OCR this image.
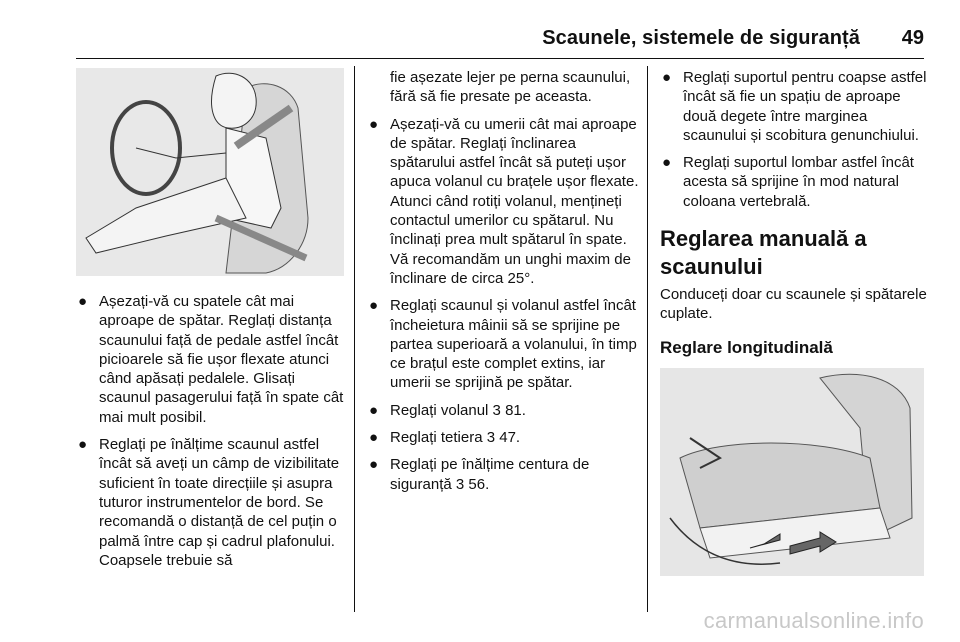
Scaunele, sistemele de siguranță 49
● Așezați-vă cu spatele cât mai aproape de spătar. Reglați distanța scaunului față de pedale astfel încât picioarele să fie ușor flexate atunci când apăsați pedalele. Glisați scaunul pasagerului față în spate cât mai mult posibil.
● Reglați pe înălțime scaunul astfel încât să aveți un câmp de vizibilitate suficient în toate direcțiile și asupra tuturor instrumentelor de bord. Se recomandă o distanță de cel puțin o palmă între cap și cadrul plafonului. Coapsele trebuie să

fie așezate lejer pe perna scaunului, fără să fie presate pe aceasta.

● Așezați-vă cu umerii cât mai aproape de spătar. Reglați înclinarea spătarului astfel încât să puteți ușor apuca volanul cu brațele ușor flexate. Atunci când rotiți volanul, mențineți contactul umerilor cu spătarul. Nu înclinați prea mult spătarul în spate. Vă recomandăm un unghi maxim de înclinare de circa 25°.
● Reglați scaunul și volanul astfel încât încheietura mâinii să se sprijine pe partea superioară a volanului, în timp ce brațul este complet extins, iar umerii se sprijină pe spătar.
● Reglați volanul 3 81.
● Reglați tetiera 3 47.
● Reglați pe înălțime centura de siguranță 3 56.
● Reglați suportul pentru coapse astfel încât să fie un spațiu de aproape două degete între marginea scaunului și scobitura genunchiului.
● Reglați suportul lombar astfel încât acesta să sprijine în mod natural coloana vertebrală.
Reglarea manuală a scaunului

Conduceți doar cu scaunele și spătarele cuplate.

Reglare longitudinală
carmanualsonline.info
